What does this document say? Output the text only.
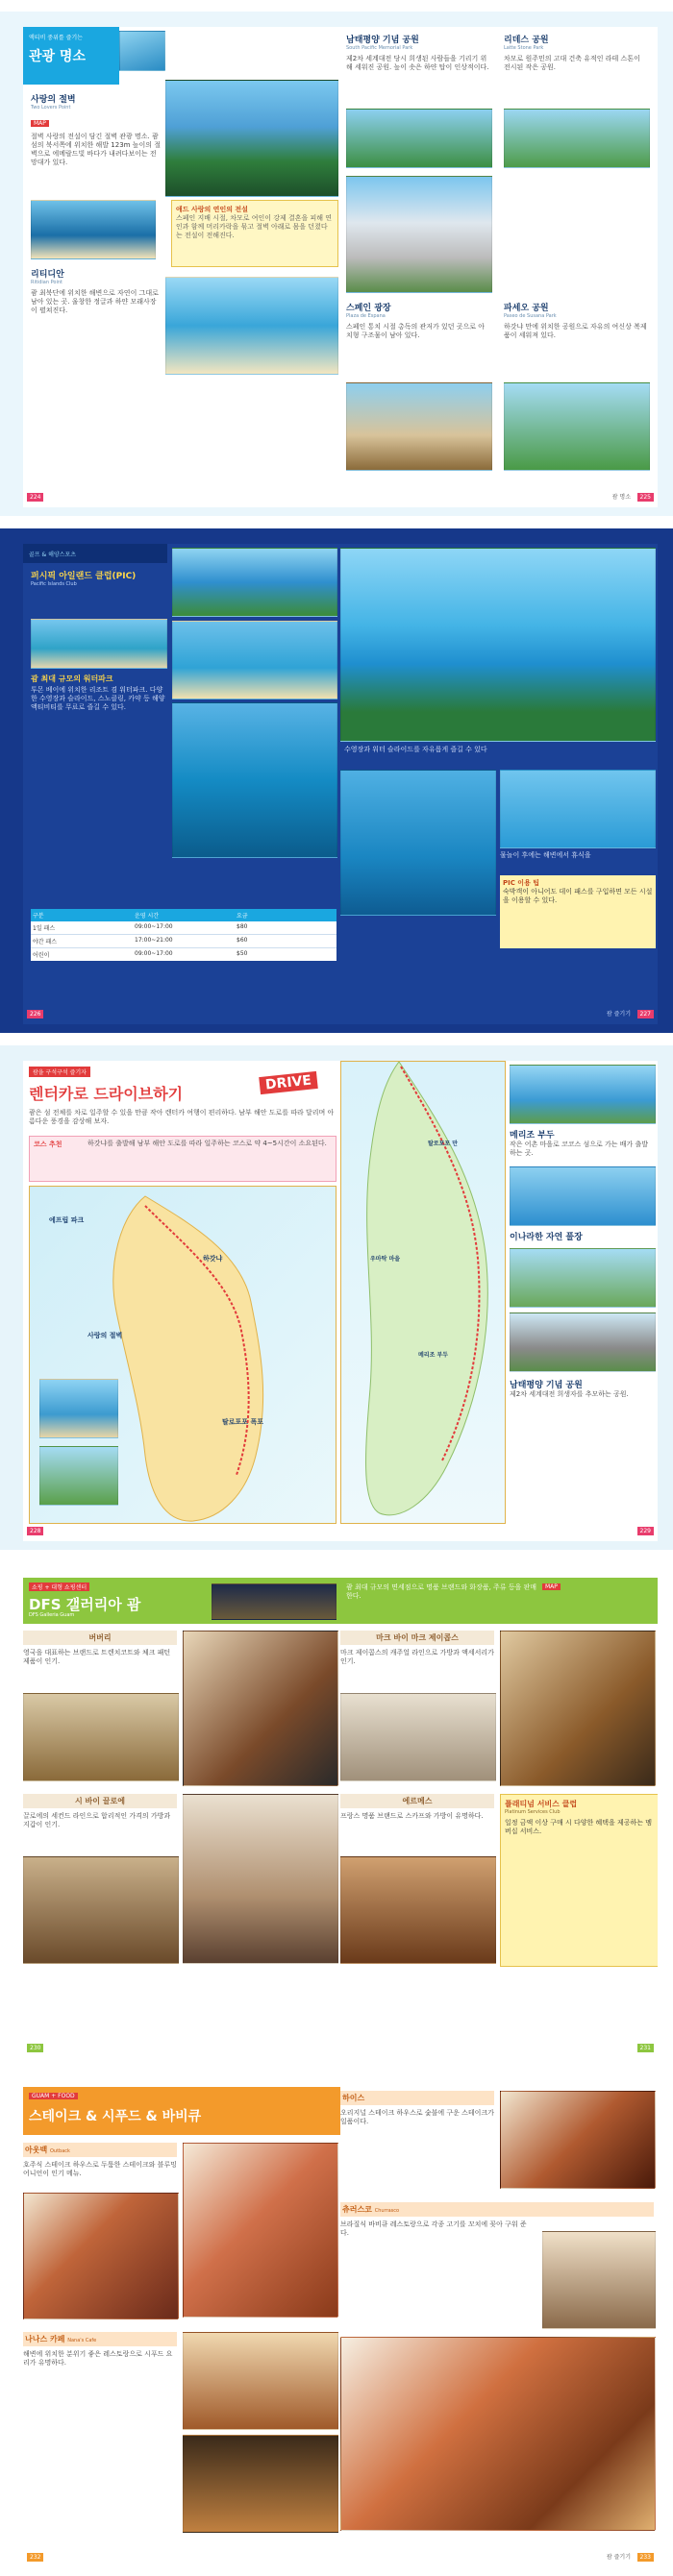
액티비 중위를 즐기는
관광 명소
사랑의 절벽
Two Lovers Point
MAP

절벽 사랑의 전설이 담긴 절벽 관광 명소. 괌 섬의 북서쪽에 위치한 해발 123m 높이의 절벽으로 에메랄드빛 바다가 내려다보이는 전망대가 있다.

리티디안
Ritidian Point

괌 최북단에 위치한 해변으로 자연이 그대로 남아 있는 곳. 울창한 정글과 하얀 모래사장이 펼쳐진다.

애드 사랑의 연인의 전설

스페인 지배 시절, 차모로 여인이 강제 결혼을 피해 연인과 함께 머리카락을 묶고 절벽 아래로 몸을 던졌다는 전설이 전해진다.

224
남태평양 기념 공원
South Pacific Memorial Park

제2차 세계대전 당시 희생된 사람들을 기리기 위해 세워진 공원. 높이 솟은 하얀 탑이 인상적이다.

리데스 공원
Latte Stone Park

차모로 원주민의 고대 건축 유적인 라테 스톤이 전시된 작은 공원.

스페인 광장
Plaza de Espana

스페인 통치 시절 총독의 관저가 있던 곳으로 아치형 구조물이 남아 있다.

파세오 공원
Paseo de Susana Park

하갓냐 만에 위치한 공원으로 자유의 여신상 복제품이 세워져 있다.

괌 명소	225
골프 & 해양스포츠
퍼시픽 아일랜드 클럽(PIC)
Pacific Islands Club
괌 최대 규모의 워터파크

투몬 베이에 위치한 리조트 겸 워터파크. 다양한 수영장과 슬라이드, 스노클링, 카약 등 해양 액티비티를 무료로 즐길 수 있다.

구분	운영 시간	요금
1일 패스	09:00~17:00	$80
야간 패스	17:00~21:00	$60
어린이	09:00~17:00	$50
226

수영장과 워터 슬라이드를 자유롭게 즐길 수 있다

물놀이 후에는 해변에서 휴식을

PIC 이용 팁

숙박객이 아니어도 데이 패스를 구입하면 모든 시설을 이용할 수 있다.

괌 즐기기	227
괌을 구석구석 즐기자
렌터카로 드라이브하기
DRIVE

괌은 섬 전체를 차로 일주할 수 있을 만큼 작아 렌터카 여행이 편리하다. 남부 해안 도로를 따라 달리며 아름다운 풍경을 감상해 보자.

코스 추천	하갓냐를 출발해 남부 해안 도로를 따라 일주하는 코스로 약 4~5시간이 소요된다.

에프립 파크
하갓냐
사랑의 절벽
탈로포포 폭포
228
탈로포포 만
우마탁 마을
메리조 부두
메리조 부두

작은 어촌 마을로 코코스 섬으로 가는 배가 출발하는 곳.

이나라한 자연 풀장
남태평양 기념 공원

제2차 세계대전 희생자를 추모하는 공원.

229
쇼핑 + 대형 쇼핑센터
DFS 갤러리아 괌
DFS Galleria Guam
버버리

영국을 대표하는 브랜드로 트렌치코트와 체크 패턴 제품이 인기.

시 바이 끌로에

끌로에의 세컨드 라인으로 합리적인 가격의 가방과 지갑이 인기.

230

괌 최대 규모의 면세점으로 명품 브랜드와 화장품, 주류 등을 판매한다.

MAP
마크 바이 마크 제이콥스

마크 제이콥스의 캐주얼 라인으로 가방과 액세서리가 인기.

에르메스

프랑스 명품 브랜드로 스카프와 가방이 유명하다.

플래티넘 서비스 클럽
Platinum Services Club

일정 금액 이상 구매 시 다양한 혜택을 제공하는 멤버십 서비스.

231
GUAM + FOOD
스테이크 & 시푸드 & 바비큐
아웃백 Outback

호주식 스테이크 하우스로 두툼한 스테이크와 블루밍 어니언이 인기 메뉴.

나나스 카페 Nana's Cafe

해변에 위치한 분위기 좋은 레스토랑으로 시푸드 요리가 유명하다.

232
하이스

오리지널 스테이크 하우스로 숯불에 구운 스테이크가 일품이다.

츄러스코 Churrasco

브라질식 바비큐 레스토랑으로 각종 고기를 꼬치에 꽂아 구워 준다.

괌 즐기기	233
